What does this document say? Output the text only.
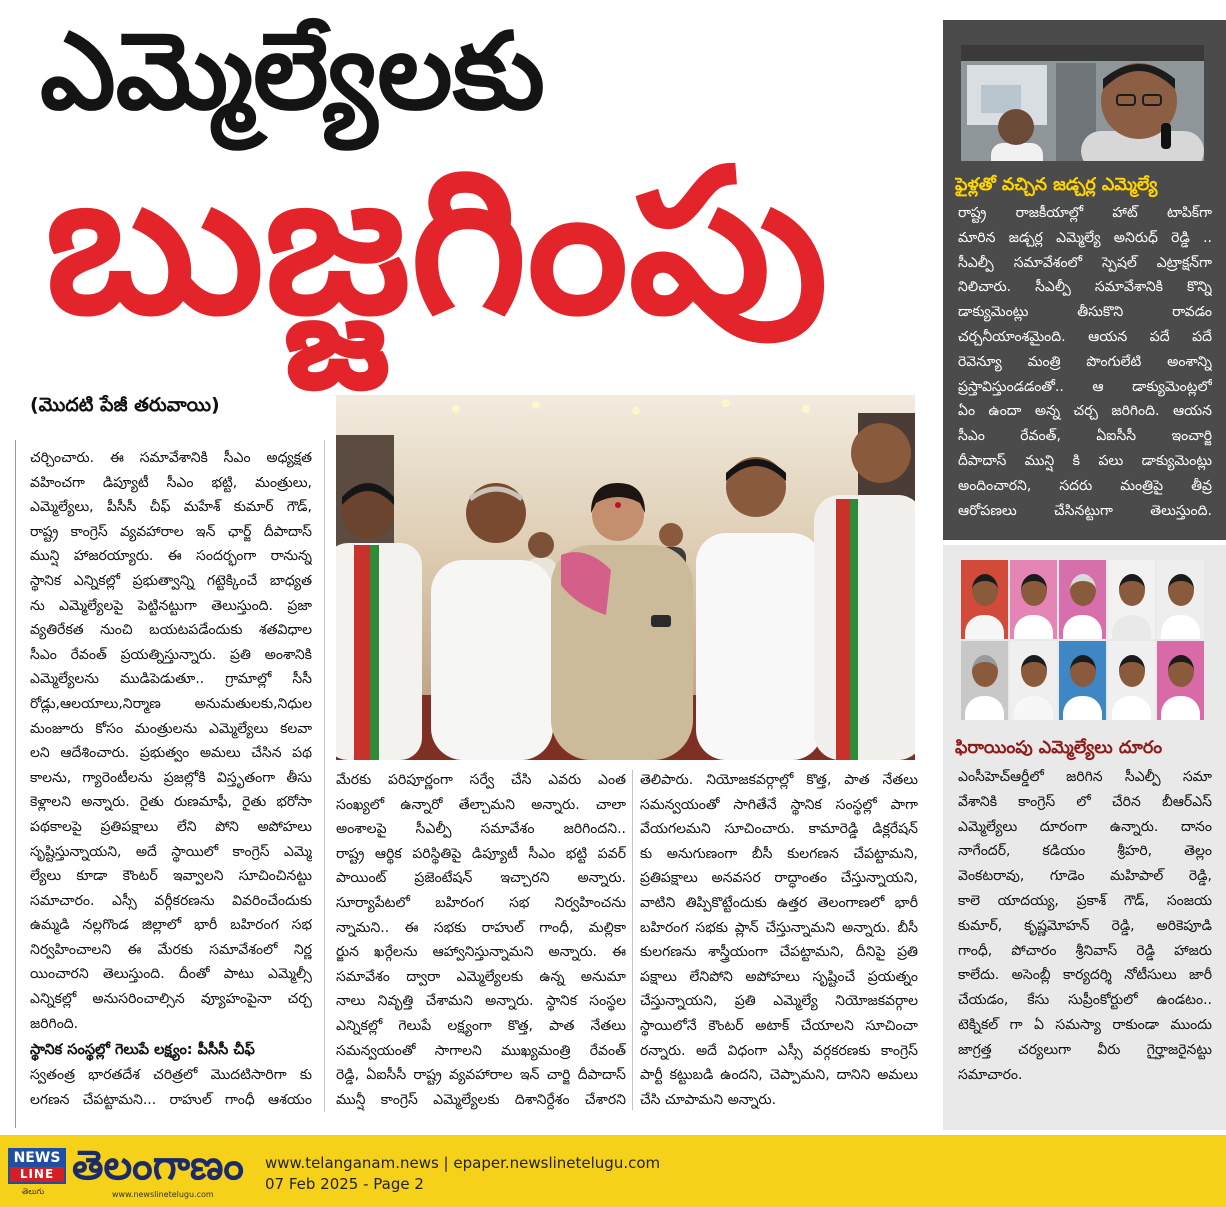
ఎమ్మెల్యేలకు
బుజ్జగింపు
(మొదటి పేజీ తరువాయి)
చర్చించారు. ఈ సమావేశానికి సీఎం అధ్యక్షత
వహించగా డిప్యూటీ సీఎం భట్టి, మంత్రులు,
ఎమ్మెల్యేలు, పీసీసీ చీఫ్ మహేశ్ కుమార్ గౌడ్,
రాష్ట్ర కాంగ్రెస్ వ్యవహారాల ఇన్ ఛార్జ్ దీపాదాస్
మున్షి హాజరయ్యారు. ఈ సందర్భంగా రానున్న
స్థానిక ఎన్నికల్లో ప్రభుత్వాన్ని గట్టెక్కించే బాధ్యత
ను ఎమ్మెల్యేలపై పెట్టినట్టుగా తెలుస్తుంది. ప్రజా
వ్యతిరేకత నుంచి బయటపడేందుకు శతవిధాల
సీఎం రేవంత్ ప్రయత్నిస్తున్నారు. ప్రతి అంశానికి
ఎమ్మెల్యేలను ముడిపెడుతూ.. గ్రామాల్లో సీసీ
రోడ్లు,ఆలయాలు,నిర్మాణ అనుమతులకు,నిధుల
మంజూరు కోసం మంత్రులను ఎమ్మెల్యేలు కలవా
లని ఆదేశించారు. ప్రభుత్వం అమలు చేసిన పథ
కాలను, గ్యారెంటీలను ప్రజల్లోకి విస్తృతంగా తీసు
కెళ్లాలని అన్నారు. రైతు రుణమాఫీ, రైతు భరోసా
పథకాలపై ప్రతిపక్షాలు లేని పోని అపోహలు
సృష్టిస్తున్నాయని, అదే స్థాయిలో కాంగ్రెస్ ఎమ్మె
ల్యేలు కూడా కౌంటర్ ఇవ్వాలని సూచించినట్టు
సమాచారం. ఎస్సీ వర్గీకరణను వివరించేందుకు
ఉమ్మడి నల్లగొండ జిల్లాలో భారీ బహిరంగ సభ
నిర్వహించాలని ఈ మేరకు సమావేశంలో నిర్ణ
యించారని తెలుస్తుంది. దీంతో పాటు ఎమ్మెల్సీ
ఎన్నికల్లో అనుసరించాల్సిన వ్యూహంపైనా చర్చ
జరిగింది.
స్థానిక సంస్థల్లో గెలుపే లక్ష్యం: పీసీసీ చీఫ్
స్వతంత్ర భారతదేశ చరిత్రలో మొదటిసారిగా కు
లగణన చేపట్టామని... రాహుల్ గాంధీ ఆశయం
మేరకు పరిపూర్ణంగా సర్వే చేసి ఎవరు ఎంత
సంఖ్యలో ఉన్నారో తేల్చామని అన్నారు. చాలా
అంశాలపై సీఎల్పీ సమావేశం జరిగిందని..
రాష్ట్ర ఆర్థిక పరిస్థితిపై డిప్యూటీ సీఎం భట్టి పవర్
పాయింట్ ప్రజెంటేషన్ ఇచ్చారని అన్నారు.
సూర్యాపేటలో బహిరంగ సభ నిర్వహించను
న్నామని.. ఈ సభకు రాహుల్ గాంధీ, మల్లికా
ర్జున ఖర్గేలను ఆహ్వానిస్తున్నామని అన్నారు. ఈ
సమావేశం ద్వారా ఎమ్మెల్యేలకు ఉన్న అనుమా
నాలు నివృత్తి చేశామని అన్నారు. స్థానిక సంస్థల
ఎన్నికల్లో గెలుపే లక్ష్యంగా కొత్త, పాత నేతలు
సమన్వయంతో సాగాలని ముఖ్యమంత్రి రేవంత్
రెడ్డి, ఏఐసీసీ రాష్ట్ర వ్యవహారాల ఇన్ చార్జి దీపాదాస్
మున్షీ కాంగ్రెస్ ఎమ్మెల్యేలకు దిశానిర్దేశం చేశారని
తెలిపారు. నియోజకవర్గాల్లో కొత్త, పాత నేతలు
సమన్వయంతో సాగితేనే స్థానిక సంస్థల్లో పాగా
వేయగలమని సూచించారు. కామారెడ్డి డిక్లరేషన్
కు అనుగుణంగా బీసీ కులగణన చేపట్టామని,
ప్రతిపక్షాలు అనవసర రాద్ధాంతం చేస్తున్నాయని,
వాటిని తిప్పికొట్టేందుకు ఉత్తర తెలంగాణలో భారీ
బహిరంగ సభకు ప్లాన్ చేస్తున్నామని అన్నారు. బీసీ
కులగణను శాస్త్రీయంగా చేపట్టామని, దీనిపై ప్రతి
పక్షాలు లేనిపోని అపోహలు సృష్టించే ప్రయత్నం
చేస్తున్నాయని, ప్రతి ఎమ్మెల్యే నియోజకవర్గాల
స్థాయిలోనే కౌంటర్ అటాక్ చేయాలని సూచించా
రన్నారు. అదే విధంగా ఎస్సీ వర్గకరణకు కాంగ్రెస్
పార్టీ కట్టుబడి ఉందని, చెప్పామని, దానిని అమలు
చేసి చూపామని అన్నారు.
ఫైళ్లతో వచ్చిన జడ్చర్ల ఎమ్మెల్యే
రాష్ట్ర రాజకీయాల్లో హాట్ టాపిక్‌గా
మారిన జడ్చర్ల ఎమ్మెల్యే అనిరుధ్ రెడ్డి ..
సీఎల్పీ సమావేశంలో స్పెషల్ ఎట్రాక్షన్‌గా
నిలిచారు. సీఎల్పీ సమావేశానికి కొన్ని
డాక్యుమెంట్లు తీసుకొని రావడం
చర్చనీయాంశమైంది. ఆయన పదే పదే
రెవెన్యూ మంత్రి పొంగులేటి అంశాన్ని
ప్రస్తావిస్తుండడంతో.. ఆ డాక్యుమెంట్లలో
ఏం ఉందా అన్న చర్చ జరిగింది. ఆయన
సీఎం రేవంత్, ఏఐసీసీ ఇంచార్జి
దీపాదాస్ మున్షి కి పలు డాక్యుమెంట్లు
అందించారని, సదరు మంత్రిపై తీవ్ర
ఆరోపణలు చేసినట్టుగా తెలుస్తుంది.
ఫిరాయింపు ఎమ్మెల్యేలు దూరం
ఎంసీహెచ్ఆర్డీలో జరిగిన సీఎల్పీ సమా
వేశానికి కాంగ్రెస్ లో చేరిన బీఆర్ఎస్
ఎమ్మెల్యేలు దూరంగా ఉన్నారు. దానం
నాగేందర్, కడియం శ్రీహరి, తెల్లం
వెంకటరావు, గూడెం మహిపాల్ రెడ్డి,
కాలె యాదయ్య, ప్రకాశ్ గౌడ్, సంజయ
కుమార్, కృష్ణమోహన్ రెడ్డి, అరికెపూడి
గాంధీ, పోచారం శ్రీనివాస్ రెడ్డి హాజరు
కాలేదు. అసెంబ్లీ కార్యదర్శి నోటీసులు జారీ
చేయడం, కేసు సుప్రీంకోర్టులో ఉండటం..
టెక్నికల్ గా ఏ సమస్యా రాకుండా ముందు
జాగ్రత్త చర్యలుగా వీరు గైర్హాజరైనట్టు
సమాచారం.
NEWS
LINE
తెలుగు
తెలంగాణం
www.newslinetelugu.com
www.telanganam.news | epaper.newslinetelugu.com
07 Feb 2025 - Page 2
